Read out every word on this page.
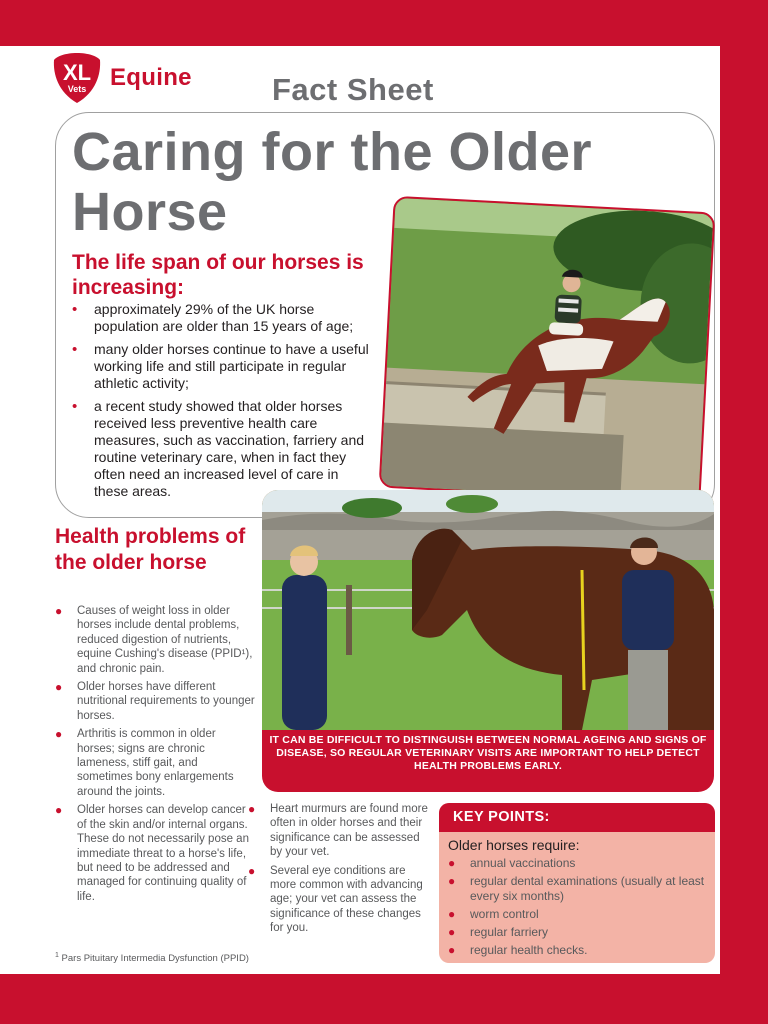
XL
Vets Equine	Fact Sheet
Caring for the Older
Horse
The life span of our horses is increasing:
• approximately 29% of the UK horse population are older than 15 years of age;
• many older horses continue to have a useful working life and still participate in regular athletic activity;
• a recent study showed that older horses received less preventive health care measures, such as vaccination, farriery and routine veterinary care, when in fact they often need an increased level of care in these areas.
IT CAN BE DIFFICULT TO DISTINGUISH BETWEEN NORMAL AGEING AND SIGNS OF DISEASE, SO REGULAR VETERINARY VISITS ARE IMPORTANT TO HELP DETECT HEALTH PROBLEMS EARLY.
Health problems of the older horse
● Causes of weight loss in older horses include dental problems, reduced digestion of nutrients, equine Cushing's disease (PPID¹), and chronic pain.
● Older horses have different nutritional requirements to younger horses.
● Arthritis is common in older horses; signs are chronic lameness, stiff gait, and sometimes bony enlargements around the joints.
● Older horses can develop cancer of the skin and/or internal organs. These do not necessarily pose an immediate threat to a horse's life, but need to be addressed and managed for continuing quality of life.
● Heart murmurs are found more often in older horses and their significance can be assessed by your vet.
● Several eye conditions are more common with advancing age; your vet can assess the significance of these changes for you.
KEY POINTS:
Older horses require:
● annual vaccinations
● regular dental examinations (usually at least every six months)
● worm control
● regular farriery
● regular health checks.
$^1$ Pars Pituitary Intermedia Dysfunction (PPID)
